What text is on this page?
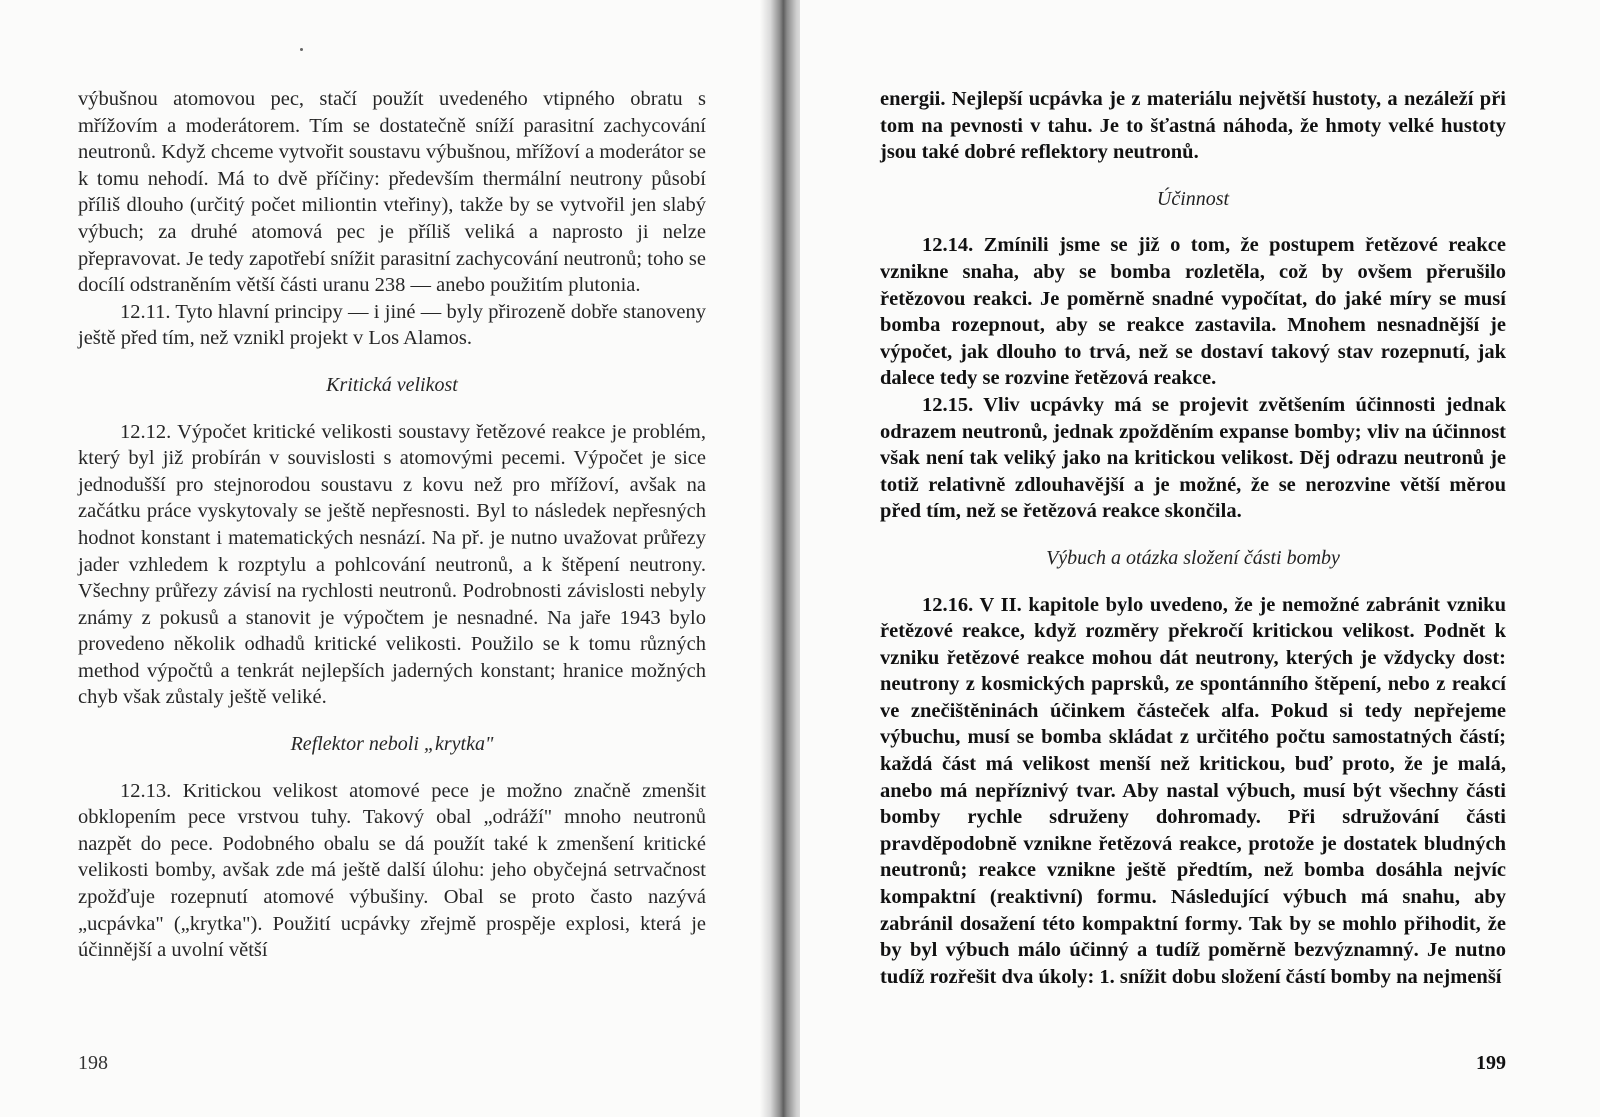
výbušnou atomovou pec, stačí použít uvedeného vtipného obratu s mřížovím a moderátorem. Tím se dostatečně sníží parasitní zachycování neutronů. Když chceme vytvořit soustavu výbušnou, mřížoví a moderátor se k tomu nehodí. Má to dvě příčiny: především thermální neutrony působí příliš dlouho (určitý počet miliontin vteřiny), takže by se vytvořil jen slabý výbuch; za druhé atomová pec je příliš veliká a naprosto ji nelze přepravovat. Je tedy zapotřebí snížit parasitní zachycování neutronů; toho se docílí odstraněním větší části uranu 238 — anebo použitím plutonia.

12.11. Tyto hlavní principy — i jiné — byly přirozeně dobře stanoveny ještě před tím, než vznikl projekt v Los Alamos.

Kritická velikost

12.12. Výpočet kritické velikosti soustavy řetězové reakce je problém, který byl již probírán v souvislosti s atomovými pecemi. Výpočet je sice jednodušší pro stejnorodou soustavu z kovu než pro mřížoví, avšak na začátku práce vyskytovaly se ještě nepřesnosti. Byl to následek nepřesných hodnot konstant i matematických nesnází. Na př. je nutno uvažovat průřezy jader vzhledem k rozptylu a pohlcování neutronů, a k štěpení neutrony. Všechny průřezy závisí na rychlosti neutronů. Podrobnosti závislosti nebyly známy z pokusů a stanovit je výpočtem je nesnadné. Na jaře 1943 bylo provedeno několik odhadů kritické velikosti. Použilo se k tomu různých method výpočtů a tenkrát nejlepších jaderných konstant; hranice možných chyb však zůstaly ještě veliké.

Reflektor neboli „krytka"

12.13. Kritickou velikost atomové pece je možno značně zmenšit obklopením pece vrstvou tuhy. Takový obal „odráží" mnoho neutronů nazpět do pece. Podobného obalu se dá použít také k zmenšení kritické velikosti bomby, avšak zde má ještě další úlohu: jeho obyčejná setrvačnost zpožďuje rozepnutí atomové výbušiny. Obal se proto často nazývá „ucpávka" („krytka"). Použití ucpávky zřejmě prospěje explosi, která je účinnější a uvolní větší

198

energii. Nejlepší ucpávka je z materiálu největší hustoty, a nezáleží při tom na pevnosti v tahu. Je to šťastná náhoda, že hmoty velké hustoty jsou také dobré reflektory neutronů.

Účinnost

12.14. Zmínili jsme se již o tom, že postupem řetězové reakce vznikne snaha, aby se bomba rozletěla, což by ovšem přerušilo řetězovou reakci. Je poměrně snadné vypočítat, do jaké míry se musí bomba rozepnout, aby se reakce zastavila. Mnohem nesnadnější je výpočet, jak dlouho to trvá, než se dostaví takový stav rozepnutí, jak dalece tedy se rozvine řetězová reakce.

12.15. Vliv ucpávky má se projevit zvětšením účinnosti jednak odrazem neutronů, jednak zpožděním expanse bomby; vliv na účinnost však není tak veliký jako na kritickou velikost. Děj odrazu neutronů je totiž relativně zdlouhavější a je možné, že se nerozvine větší měrou před tím, než se řetězová reakce skončila.

Výbuch a otázka složení části bomby

12.16. V II. kapitole bylo uvedeno, že je nemožné zabránit vzniku řetězové reakce, když rozměry překročí kritickou velikost. Podnět k vzniku řetězové reakce mohou dát neutrony, kterých je vždycky dost: neutrony z kosmických paprsků, ze spontánního štěpení, nebo z reakcí ve znečištěninách účinkem částeček alfa. Pokud si tedy nepřejeme výbuchu, musí se bomba skládat z určitého počtu samostatných částí; každá část má velikost menší než kritickou, buď proto, že je malá, anebo má nepříznivý tvar. Aby nastal výbuch, musí být všechny části bomby rychle sdruženy dohromady. Při sdružování části pravděpodobně vznikne řetězová reakce, protože je dostatek bludných neutronů; reakce vznikne ještě předtím, než bomba dosáhla nejvíc kompaktní (reaktivní) formu. Následující výbuch má snahu, aby zabránil dosažení této kompaktní formy. Tak by se mohlo přihodit, že by byl výbuch málo účinný a tudíž poměrně bezvýznamný. Je nutno tudíž rozřešit dva úkoly: 1. snížit dobu složení částí bomby na nejmenší

199
